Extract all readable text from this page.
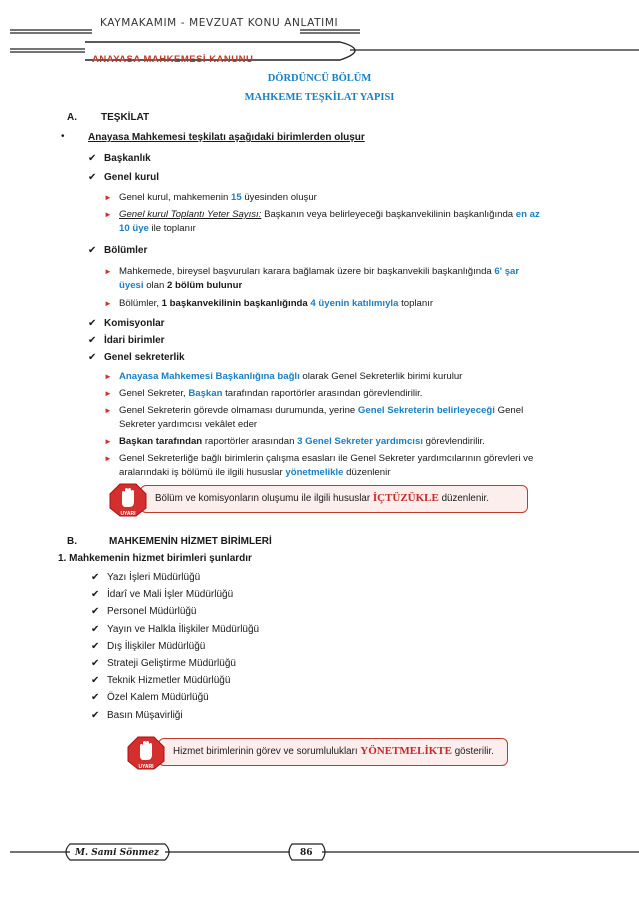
KAYMAKAMIM - MEVZUAT KONU ANLATIMI
ANAYASA MAHKEMESİ KANUNU
DÖRDÜNCÜ BÖLÜM
MAHKEME TEŞKİLAT YAPISI
A. TEŞKİLAT
• Anayasa Mahkemesi teşkilatı aşağıdaki birimlerden oluşur
✔ Başkanlık
✔ Genel kurul
► Genel kurul, mahkemenin 15 üyesinden oluşur
► Genel kurul Toplantı Yeter Sayısı: Başkanın veya belirleyeceği başkanvekilinin başkanlığında en az
10 üye ile toplanır
✔ Bölümler
► Mahkemede, bireysel başvuruları karara bağlamak üzere bir başkanvekili başkanlığında 6' şar
üyesi olan 2 bölüm bulunur
► Bölümler, 1 başkanvekilinin başkanlığında 4 üyenin katılımıyla toplanır
✔ Komisyonlar
✔ İdari birimler
✔ Genel sekreterlik
► Anayasa Mahkemesi Başkanlığına bağlı olarak Genel Sekreterlik birimi kurulur
► Genel Sekreter, Başkan tarafından raportörler arasından görevlendirilir.
► Genel Sekreterin görevde olmaması durumunda, yerine Genel Sekreterin belirleyeceği Genel
Sekreter yardımcısı vekâlet eder
► Başkan tarafından raportörler arasından 3 Genel Sekreter yardımcısı görevlendirilir.
► Genel Sekreterliğe bağlı birimlerin çalışma esasları ile Genel Sekreter yardımcılarının görevleri ve
aralarındaki iş bölümü ile ilgili hususlar yönetmelikle düzenlenir
Bölüm ve komisyonların oluşumu ile ilgili hususlar İÇTÜZÜKLE düzenlenir.
UYARI
B.	MAHKEMENİN HİZMET BİRİMLERİ
1. Mahkemenin hizmet birimleri şunlardır
✔ Yazı İşleri Müdürlüğü
✔ İdarî ve Mali İşler Müdürlüğü
✔ Personel Müdürlüğü
✔ Yayın ve Halkla İlişkiler Müdürlüğü
✔ Dış İlişkiler Müdürlüğü
✔ Strateji Geliştirme Müdürlüğü
✔ Teknik Hizmetler Müdürlüğü
✔ Özel Kalem Müdürlüğü
✔ Basın Müşavirliği
Hizmet birimlerinin görev ve sorumlulukları YÖNETMELİKTE gösterilir.
UYARI
M. Sami Sönmez	86
